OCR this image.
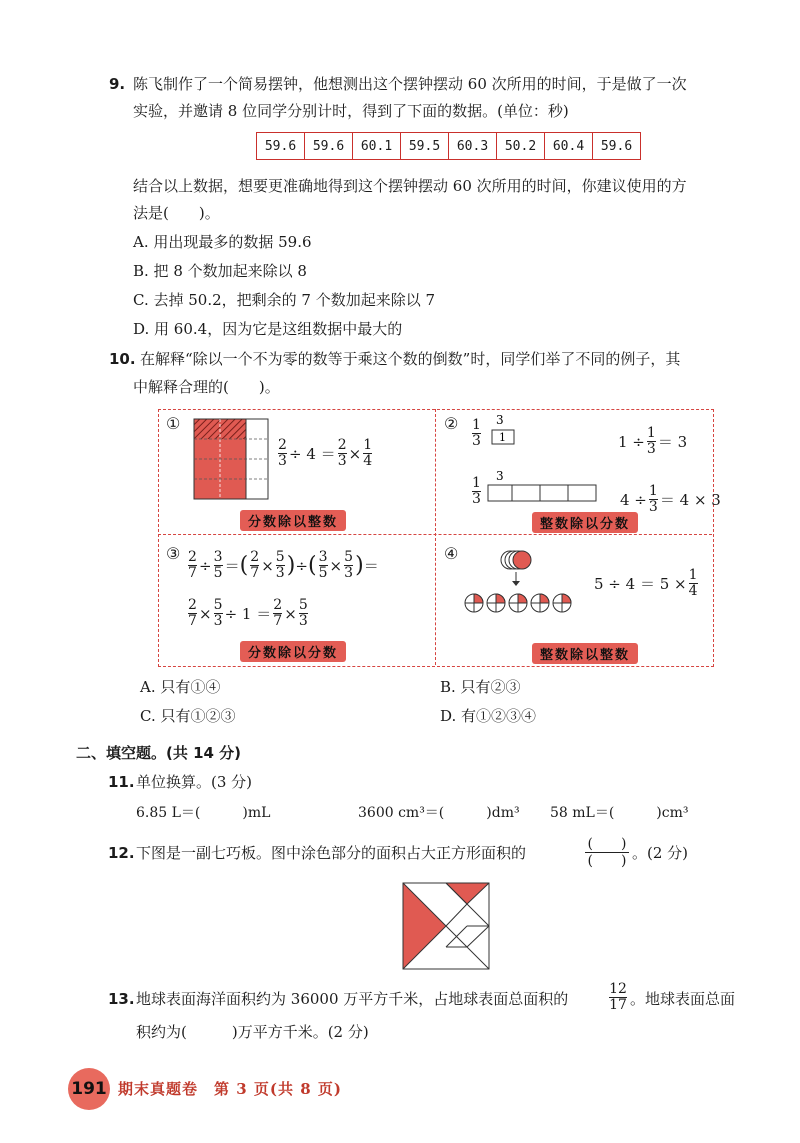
9. 陈飞制作了一个简易摆钟，他想测出这个摆钟摆动 60 次所用的时间，于是做了一次
实验，并邀请 8 位同学分别计时，得到了下面的数据。(单位：秒)
59.6	59.6	60.1	59.5	60.3	50.2	60.4	59.6
结合以上数据，想要更准确地得到这个摆钟摆动 60 次所用的时间，你建议使用的方
法是(　　)。
A. 用出现最多的数据 59.6
B. 把 8 个数加起来除以 8
C. 去掉 50.2，把剩余的 7 个数加起来除以 7
D. 用 60.4，因为它是这组数据中最大的
10. 在解释“除以一个不为零的数等于乘这个数的倒数”时，同学们举了不同的例子，其
中解释合理的(　　)。
①
$\frac{2}{3} \div 4 = \frac{2}{3} \times \frac{1}{4}$
分数除以整数
② $\frac{1}{3} 3$
1	$1 \div \frac{1}{3} = 3$
$\frac{1}{3} 3$
$4 \div \frac{1}{3} = 4 \times 3$
整数除以分数
③ $\frac{2}{7} \div \frac{3}{5}$ ＝ ( $\frac{2}{7} \times \frac{5}{3}$ ) ÷ ( $\frac{3}{5} \times \frac{5}{3}$ ) ＝
$\frac{2}{7} \times \frac{5}{3} \div 1 = \frac{2}{7} \times \frac{5}{3}$
分数除以分数
④
$5 \div 4 = 5 \times \frac{1}{4}$
整数除以整数
A. 只有①④	B. 只有②③
C. 只有①②③	D. 有①②③④
二、填空题。(共 14 分)
11. 单位换算。(3 分)
6.85 L＝(　　　)mL	3600 cm³＝(　　　)dm³ 58 mL＝(　　　)cm³
12. 下图是一副七巧板。图中涂色部分的面积占大正方形面积的	(　　)
(　　) 。(2 分)
13. 地球表面海洋面积约为 36000 万平方千米，占地球表面总面积的
12
17 。地球表面总面
积约为(　　　)万平方千米。(2 分)
191 期末真题卷　第 3 页(共 8 页)
